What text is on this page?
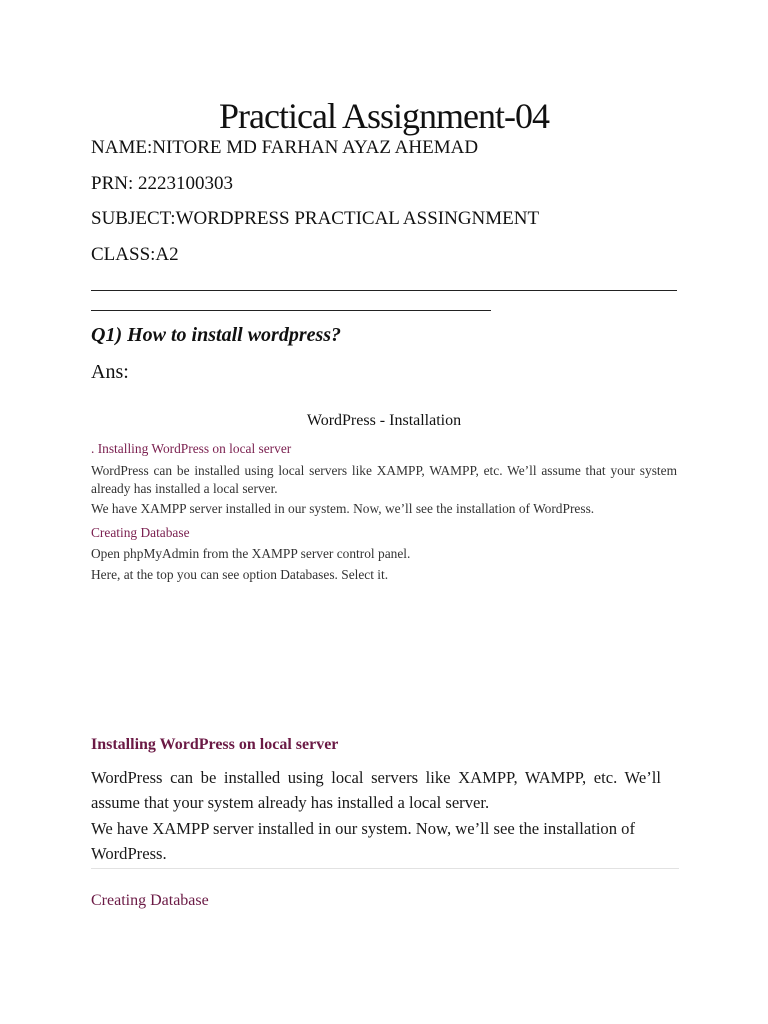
Practical Assignment-04
NAME:NITORE MD FARHAN AYAZ AHEMAD
PRN: 2223100303
SUBJECT:WORDPRESS PRACTICAL ASSINGNMENT
CLASS:A2
Q1) How to install wordpress?
Ans:
WordPress - Installation
. Installing WordPress on local server
WordPress can be installed using local servers like XAMPP, WAMPP, etc. We’ll assume that your system already has installed a local server.
We have XAMPP server installed in our system. Now, we’ll see the installation of WordPress.
Creating Database
Open phpMyAdmin from the XAMPP server control panel.
Here, at the top you can see option Databases. Select it.
Installing WordPress on local server
WordPress can be installed using local servers like XAMPP, WAMPP, etc. We’ll assume that your system already has installed a local server.
We have XAMPP server installed in our system. Now, we’ll see the installation of WordPress.
Creating Database
